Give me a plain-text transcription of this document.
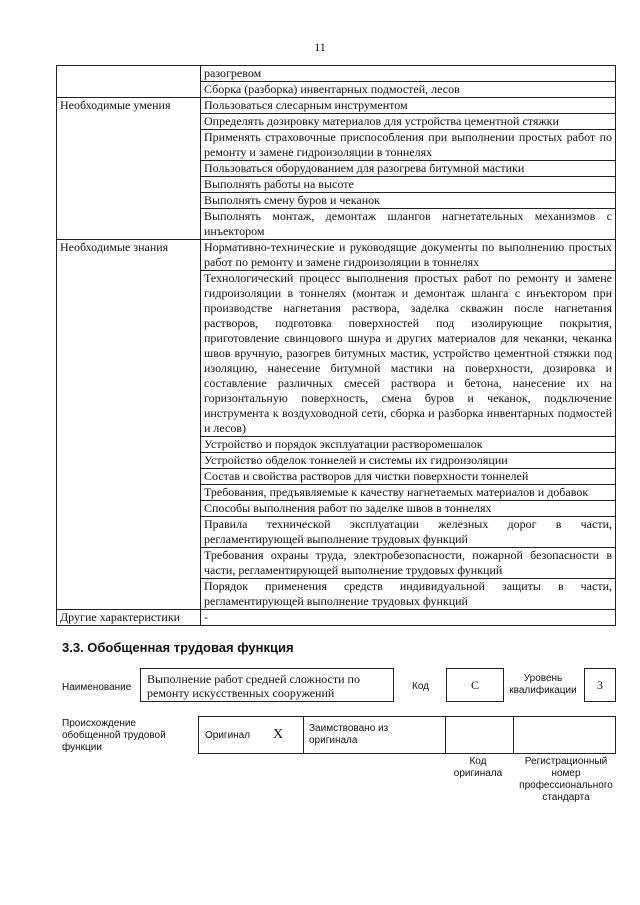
11
	разогревом
	Сборка (разборка) инвентарных подмостей, лесов
Необходимые умения	Пользоваться слесарным инструментом
	Определять дозировку материалов для устройства цементной стяжки
	Применять страховочные приспособления при выполнении простых работ по ремонту и замене гидроизоляции в тоннелях
	Пользоваться оборудованием для разогрева битумной мастики
	Выполнять работы на высоте
	Выполнять смену буров и чеканок
	Выполнять монтаж, демонтаж шлангов нагнетательных механизмов с инъектором
Необходимые знания	Нормативно-технические и руководящие документы по выполнению простых работ по ремонту и замене гидроизоляции в тоннелях
	Технологический процесс выполнения простых работ по ремонту и замене гидроизоляции в тоннелях (монтаж и демонтаж шланга с инъектором при производстве нагнетания раствора, заделка скважин после нагнетания растворов, подготовка поверхностей под изолирующие покрытия, приготовление свинцового шнура и других материалов для чеканки, чеканка швов вручную, разогрев битумных мастик, устройство цементной стяжки под изоляцию, нанесение битумной мастики на поверхности, дозировка и составление различных смесей раствора и бетона, нанесение их на горизонтальную поверхность, смена буров и чеканок, подключение инструмента к воздуховодной сети, сборка и разборка инвентарных подмостей и лесов)
	Устройство и порядок эксплуатации растворомешалок
	Устройство обделок тоннелей и системы их гидроизоляции
	Состав и свойства растворов для чистки поверхности тоннелей
	Требования, предъявляемые к качеству нагнетаемых материалов и добавок
	Способы выполнения работ по заделке швов в тоннелях
	Правила технической эксплуатации железных дорог в части, регламентирующей выполнение трудовых функций
	Требования охраны труда, электробезопасности, пожарной безопасности в части, регламентирующей выполнение трудовых функций
	Порядок применения средств индивидуальной защиты в части, регламентирующей выполнение трудовых функций
Другие характеристики	-
3.3. Обобщенная трудовая функция
Наименование
Выполнение работ средней сложности по ремонту искусственных сооружений	Код	C	Уровень квалификации	3
Происхождение обобщенной трудовой функции
Оригинал X	Заимствовано из оригинала
Код оригинала
Регистрационный номер профессионального стандарта
